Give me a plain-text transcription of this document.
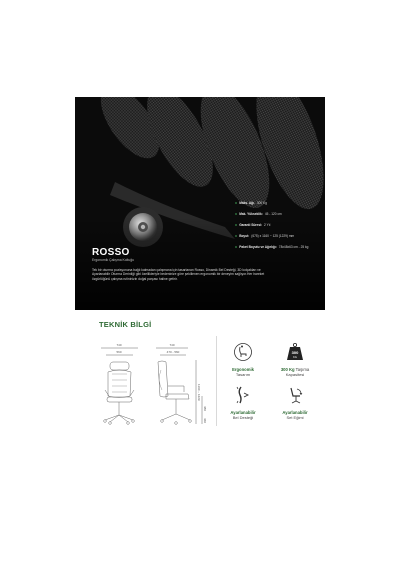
Maks. Ağı. 300 Kg
Mak. Yükseklik: 45 - 120 cm
Garanti Süresi: 2 Yıl
Boyut: (675) x 1160 ~ 125 (1229) mm
Paket Boyutu ve Ağırlığı: 78x48x63 cm - 25 kg
ROSSO
Ergonomik Çalışma Koltuğu
Tek bir oturma pozisyonuna bağlı kalmadan çalışmana için tasarlanan Rosso, Dinamik Bel Desteği, 3D kolçakları ve Ayarlanabilir Oturma Derinliği gibi özellikleriyle bedeninize göre şekillenen ergonomik bir deneyim sağlıyor.Her hareket özgürlüğünü çalışma rutininizin doğal parçası haline getirir.
TEKNİK BİLGİ
740
560
740
470 - 560
1160 ~ 1229
480
460
Ergonomik
Tasarım
300
KG
300 Kg Taşıma
Kapasitesi
Ayarlanabilir
Bel Desteği
Ayarlanabilir
Set Eğimi
